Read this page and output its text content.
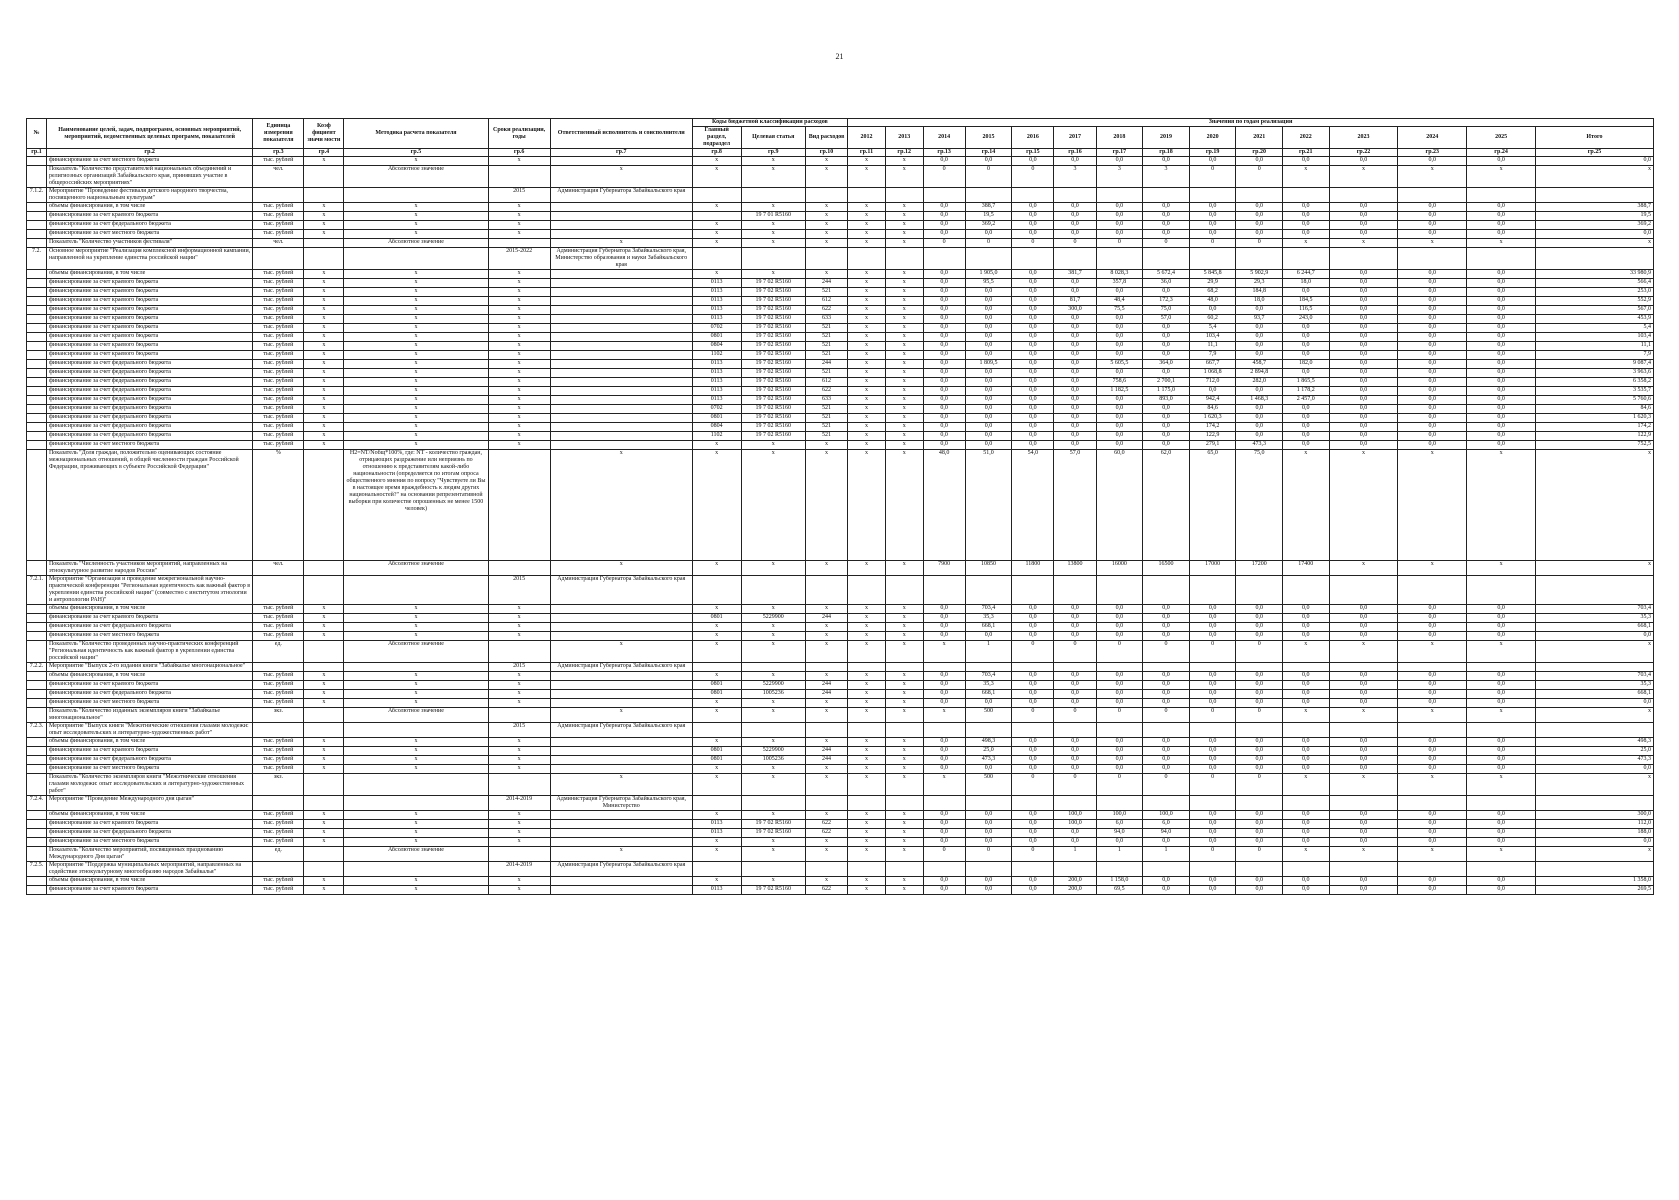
21
№	Наименование целей, задач, подпрограмм, основных мероприятий, мероприятий, ведомственных целевых программ, показателей	Единица измерения показателя	Коэф фициент значи мости	Методика расчета показателя	Сроки реализации, годы	Ответственный исполнитель и соисполнители	Коды бюджетной классификации расходов			Значения по годам реализации														
							Главный раздел, подраздел	Целевая статья	Вид расходов	2012	2013	2014	2015	2016	2017	2018	2019	2020	2021	2022	2023	2024	2025	Итого
гр.1	гр.2	гр.3	гр.4	гр.5	гр.6	гр.7	гр.8	гр.9	гр.10	гр.11	гр.12	гр.13	гр.14	гр.15	гр.16	гр.17	гр.18	гр.19	гр.20	гр.21	гр.22	гр.23	гр.24	гр.25
	финансирование за счет местного бюджета	тыс. рублей	x	x	x		x	x	x	x	x	0,0	0,0	0,0	0,0	0,0	0,0	0,0	0,0	0,0	0,0	0,0	0,0	0,0
	Показатель "Количество представителей национальных объединений и религиозных организаций Забайкальского края, принявших участие в общероссийских мероприятиях"	чел.		Абсолютное значение		x	x	x	x	x	x	0	0	0	3	3	3	0	0	x	x	x	x	x
7.1.2.	Мероприятие "Проведение фестиваля детского народного творчества, посвященного национальным культурам"				2015	Администрация Губернатора Забайкальского края																		
	объемы финансирования, в том числе	тыс. рублей	x	x	x		x	x	x	x	x	0,0	388,7	0,0	0,0	0,0	0,0	0,0	0,0	0,0	0,0	0,0	0,0	388,7
	финансирование за счет краевого бюджета	тыс. рублей	x	x	x			19 7 01 R5160	x	x	x	0,0	19,5	0,0	0,0	0,0	0,0	0,0	0,0	0,0	0,0	0,0	0,0	19,5
	финансирование за счет федерального бюджета	тыс. рублей	x	x	x		x	x	x	x	x	0,0	369,2	0,0	0,0	0,0	0,0	0,0	0,0	0,0	0,0	0,0	0,0	369,2
	финансирование за счет местного бюджета	тыс. рублей	x	x	x		x	x	x	x	x	0,0	0,0	0,0	0,0	0,0	0,0	0,0	0,0	0,0	0,0	0,0	0,0	0,0
	Показатель "Количество участников фестиваля"	чел.		Абсолютное значение		x	x	x	x	x	x	0	0	0	0	0	0	0	0	x	x	x	x	x
7.2.	Основное мероприятие "Реализация комплексной информационной кампании, направленной на укрепление единства российской нации"				2015-2022	Администрация Губернатора Забайкальского края, Министерство образования и науки Забайкальского края																		
	объемы финансирования, в том числе	тыс. рублей	x	x	x		x	x	x	x	x	0,0	1 905,0	0,0	381,7	8 028,3	5 672,4	5 845,8	5 902,9	6 244,7	0,0	0,0	0,0	33 980,9
	финансирование за счет краевого бюджета	тыс. рублей	x	x	x		0113	19 7 02 R5160	244	x	x	0,0	95,5	0,0	0,0	357,8	36,0	29,9	29,3	18,0	0,0	0,0	0,0	566,4
	финансирование за счет краевого бюджета	тыс. рублей	x	x	x		0113	19 7 02 R5160	521	x	x	0,0	0,0	0,0	0,0	0,0	0,0	68,2	184,8	0,0	0,0	0,0	0,0	253,0
	финансирование за счет краевого бюджета	тыс. рублей	x	x	x		0113	19 7 02 R5160	612	x	x	0,0	0,0	0,0	81,7	48,4	172,3	48,0	18,0	184,5	0,0	0,0	0,0	552,9
	финансирование за счет краевого бюджета	тыс. рублей	x	x	x		0113	19 7 02 R5160	622	x	x	0,0	0,0	0,0	300,0	75,5	75,0	0,0	0,0	116,5	0,0	0,0	0,0	567,0
	финансирование за счет краевого бюджета	тыс. рублей	x	x	x		0113	19 7 02 R5160	633	x	x	0,0	0,0	0,0	0,0	0,0	57,0	60,2	93,7	243,0	0,0	0,0	0,0	453,9
	финансирование за счет краевого бюджета	тыс. рублей	x	x	x		0702	19 7 02 R5160	521	x	x	0,0	0,0	0,0	0,0	0,0	0,0	5,4	0,0	0,0	0,0	0,0	0,0	5,4
	финансирование за счет краевого бюджета	тыс. рублей	x	x	x		0801	19 7 02 R5160	521	x	x	0,0	0,0	0,0	0,0	0,0	0,0	103,4	0,0	0,0	0,0	0,0	0,0	103,4
	финансирование за счет краевого бюджета	тыс. рублей	x	x	x		0804	19 7 02 R5160	521	x	x	0,0	0,0	0,0	0,0	0,0	0,0	11,1	0,0	0,0	0,0	0,0	0,0	11,1
	финансирование за счет краевого бюджета	тыс. рублей	x	x	x		1102	19 7 02 R5160	521	x	x	0,0	0,0	0,0	0,0	0,0	0,0	7,9	0,0	0,0	0,0	0,0	0,0	7,9
	финансирование за счет федерального бюджета	тыс. рублей	x	x	x		0113	19 7 02 R5160	244	x	x	0,0	1 809,5	0,0	0,0	5 605,5	364,0	667,7	458,7	182,0	0,0	0,0	0,0	9 087,4
	финансирование за счет федерального бюджета	тыс. рублей	x	x	x		0113	19 7 02 R5160	521	x	x	0,0	0,0	0,0	0,0	0,0	0,0	1 068,8	2 894,8	0,0	0,0	0,0	0,0	3 963,6
	финансирование за счет федерального бюджета	тыс. рублей	x	x	x		0113	19 7 02 R5160	612	x	x	0,0	0,0	0,0	0,0	758,6	2 700,1	712,0	282,0	1 865,5	0,0	0,0	0,0	6 358,2
	финансирование за счет федерального бюджета	тыс. рублей	x	x	x		0113	19 7 02 R5160	622	x	x	0,0	0,0	0,0	0,0	1 182,5	1 175,0	0,0	0,0	1 178,2	0,0	0,0	0,0	3 535,7
	финансирование за счет федерального бюджета	тыс. рублей	x	x	x		0113	19 7 02 R5160	633	x	x	0,0	0,0	0,0	0,0	0,0	893,0	942,4	1 468,3	2 457,0	0,0	0,0	0,0	5 760,6
	финансирование за счет федерального бюджета	тыс. рублей	x	x	x		0702	19 7 02 R5160	521	x	x	0,0	0,0	0,0	0,0	0,0	0,0	84,6	0,0	0,0	0,0	0,0	0,0	84,6
	финансирование за счет федерального бюджета	тыс. рублей	x	x	x		0801	19 7 02 R5160	521	x	x	0,0	0,0	0,0	0,0	0,0	0,0	1 620,3	0,0	0,0	0,0	0,0	0,0	1 620,3
	финансирование за счет федерального бюджета	тыс. рублей	x	x	x		0804	19 7 02 R5160	521	x	x	0,0	0,0	0,0	0,0	0,0	0,0	174,2	0,0	0,0	0,0	0,0	0,0	174,2
	финансирование за счет федерального бюджета	тыс. рублей	x	x	x		1102	19 7 02 R5160	521	x	x	0,0	0,0	0,0	0,0	0,0	0,0	122,9	0,0	0,0	0,0	0,0	0,0	122,9
	финансирование за счет местного бюджета	тыс. рублей	x	x	x		x	x	x	x	x	0,0	0,0	0,0	0,0	0,0	0,0	279,1	473,3	0,0	0,0	0,0	0,0	752,5
	Показатель "Доля граждан, положительно оценивающих состояние межнациональных отношений, в общей численности граждан Российской Федерации, проживающих в субъекте Российской Федерации"	%		Н2=NT/Nобщ*100%, где: NT - количество граждан, отрицающих раздражение или неприязнь по отношению к представителям какой-либо национальности (определяется по итогам опроса общественного мнения по вопросу "Чувствуете ли Вы в настоящее время враждебность к людям других национальностей?" на основании репрезентативной выборки при количестве опрошенных не менее 1500 человек)		x	x	x	x	x	x	48,0	51,0	54,0	57,0	60,0	62,0	65,0	75,0	x	x	x	x	x
	Показатель "Численность участников мероприятий, направленных на этнокультурное развитие народов России"	чел.		Абсолютное значение		x	x	x	x	x	x	7900	10850	11800	13800	16000	16500	17000	17200	17400	x	x	x	x
7.2.1.	Мероприятие "Организация и проведение межрегиональной научно-практической конференции "Региональная идентичность как важный фактор в укреплении единства российской нации" (совместно с институтом этнологии и антропологии РАН)"				2015	Администрация Губернатора Забайкальского края																		
	объемы финансирования, в том числе	тыс. рублей	x	x	x		x	x	x	x	x	0,0	703,4	0,0	0,0	0,0	0,0	0,0	0,0	0,0	0,0	0,0	0,0	703,4
	финансирование за счет краевого бюджета	тыс. рублей	x	x	x		0801	5229900	244	x	x	0,0	35,3	0,0	0,0	0,0	0,0	0,0	0,0	0,0	0,0	0,0	0,0	35,3
	финансирование за счет федерального бюджета	тыс. рублей	x	x	x		x	x	x	x	x	0,0	668,1	0,0	0,0	0,0	0,0	0,0	0,0	0,0	0,0	0,0	0,0	668,1
	финансирование за счет местного бюджета	тыс. рублей	x	x	x		x	x	x	x	x	0,0	0,0	0,0	0,0	0,0	0,0	0,0	0,0	0,0	0,0	0,0	0,0	0,0
	Показатель "Количество проведенных научно-практических конференций "Региональная идентичность как важный фактор в укреплении единства российской нации"	ед.		Абсолютное значение		x	x	x	x	x	x	x	1	0	0	0	0	0	0	x	x	x	x	x
7.2.2.	Мероприятие "Выпуск 2-го издания книги "Забайкалье многонациональное"				2015	Администрация Губернатора Забайкальского края																		
	объемы финансирования, в том числе	тыс. рублей	x	x	x		x	x	x	x	x	0,0	703,4	0,0	0,0	0,0	0,0	0,0	0,0	0,0	0,0	0,0	0,0	703,4
	финансирование за счет краевого бюджета	тыс. рублей	x	x	x		0801	5229900	244	x	x	0,0	35,3	0,0	0,0	0,0	0,0	0,0	0,0	0,0	0,0	0,0	0,0	35,3
	финансирование за счет федерального бюджета	тыс. рублей	x	x	x		0801	1005236	244	x	x	0,0	668,1	0,0	0,0	0,0	0,0	0,0	0,0	0,0	0,0	0,0	0,0	668,1
	финансирование за счет местного бюджета	тыс. рублей	x	x	x		x	x	x	x	x	0,0	0,0	0,0	0,0	0,0	0,0	0,0	0,0	0,0	0,0	0,0	0,0	0,0
	Показатель "Количество изданных экземпляров книги "Забайкалье многонациональное"	экз.		Абсолютное значение		x	x	x	x	x	x	x	500	0	0	0	0	0	0	x	x	x	x	x
7.2.3.	Мероприятие "Выпуск книги "Межэтнические отношения глазами молодежи: опыт исследовательских и литературно-художественных работ"				2015	Администрация Губернатора Забайкальского края																		
	объемы финансирования, в том числе	тыс. рублей	x	x	x		x	x	x	x	x	0,0	498,3	0,0	0,0	0,0	0,0	0,0	0,0	0,0	0,0	0,0	0,0	498,3
	финансирование за счет краевого бюджета	тыс. рублей	x	x	x		0801	5229900	244	x	x	0,0	25,0	0,0	0,0	0,0	0,0	0,0	0,0	0,0	0,0	0,0	0,0	25,0
	финансирование за счет федерального бюджета	тыс. рублей	x	x	x		0801	1005236	244	x	x	0,0	473,3	0,0	0,0	0,0	0,0	0,0	0,0	0,0	0,0	0,0	0,0	473,3
	финансирование за счет местного бюджета	тыс. рублей	x	x	x		x	x	x	x	x	0,0	0,0	0,0	0,0	0,0	0,0	0,0	0,0	0,0	0,0	0,0	0,0	0,0
	Показатель "Количество экземпляров книги "Межэтнические отношения глазами молодежи: опыт исследовательских и литературно-художественных работ"	экз.				x	x	x	x	x	x	x	500	0	0	0	0	0	0	x	x	x	x	x
7.2.4.	Мероприятие "Проведение Международного дня цыган"				2014-2019	Администрация Губернатора Забайкальского края, Министерство																		
	объемы финансирования, в том числе	тыс. рублей	x	x	x		x	x	x	x	x	0,0	0,0	0,0	100,0	100,0	100,0	0,0	0,0	0,0	0,0	0,0	0,0	300,0
	финансирование за счет краевого бюджета	тыс. рублей	x	x	x		0113	19 7 02 R5160	622	x	x	0,0	0,0	0,0	100,0	6,0	6,0	0,0	0,0	0,0	0,0	0,0	0,0	112,0
	финансирование за счет федерального бюджета	тыс. рублей	x	x	x		0113	19 7 02 R5160	622	x	x	0,0	0,0	0,0	0,0	94,0	94,0	0,0	0,0	0,0	0,0	0,0	0,0	188,0
	финансирование за счет местного бюджета	тыс. рублей	x	x	x		x	x	x	x	x	0,0	0,0	0,0	0,0	0,0	0,0	0,0	0,0	0,0	0,0	0,0	0,0	0,0
	Показатель "Количество мероприятий, посвященных празднованию Международного Дня цыган"	ед.		Абсолютное значение		x	x	x	x	x	x	0	0	0	1	1	1	0	0	x	x	x	x	x
7.2.5.	Мероприятие "Поддержка муниципальных мероприятий, направленных на содействие этнокультурному многообразию народов Забайкалья"				2014-2019	Администрация Губернатора Забайкальского края																		
	объемы финансирования, в том числе	тыс. рублей	x	x	x		x	x	x	x	x	0,0	0,0	0,0	200,0	1 158,0	0,0	0,0	0,0	0,0	0,0	0,0	0,0	1 358,0
	финансирование за счет краевого бюджета	тыс. рублей	x	x	x		0113	19 7 02 R5160	622	x	x	0,0	0,0	0,0	200,0	69,5	0,0	0,0	0,0	0,0	0,0	0,0	0,0	269,5
